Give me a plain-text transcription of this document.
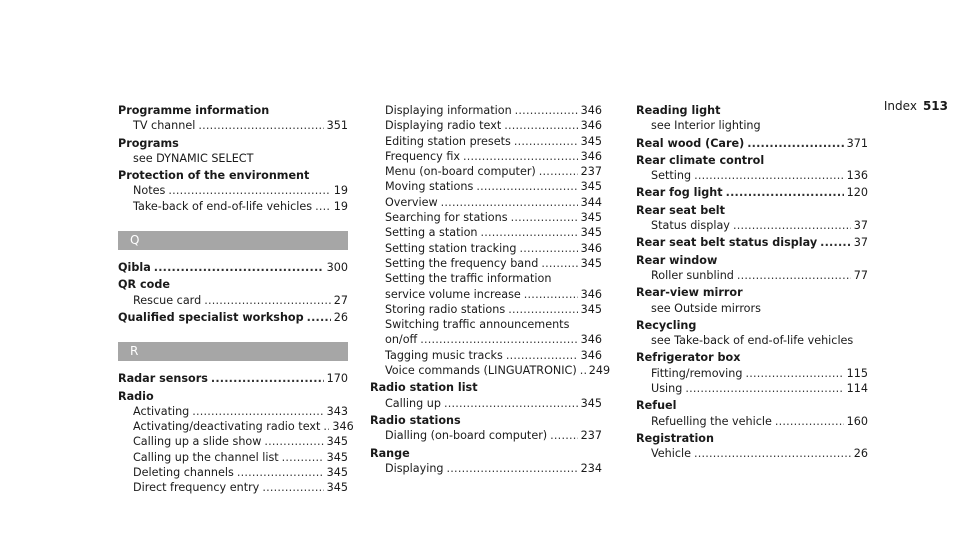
Index 513
Programme information
TV channel .....	351
Programs
see DYNAMIC SELECT
Protection of the environment
Notes .....	19
Take-back of end-of-life vehicles ..... 19
Q
Qibla .....	300
QR code
Rescue card .....	27
Qualified specialist workshop .....	26
R
Radar sensors .....	170
Radio
Activating .....	343
Activating/deactivating radio text ..... 346
Calling up a slide show .....	345
Calling up the channel list .....	345
Deleting channels .....	345
Direct frequency entry .....	345
Displaying information .....	346
Displaying radio text .....	346
Editing station presets .....	345
Frequency fix .....	346
Menu (on-board computer) .....	237
Moving stations .....	345
Overview .....	344
Searching for stations .....	345
Setting a station .....	345
Setting station tracking .....	346
Setting the frequency band .....	345
Setting the traffic information
service volume increase .....	346
Storing radio stations .....	345
Switching traffic announcements
on/off .....	346
Tagging music tracks .....	346
Voice commands (LINGUATRONIC) ..... 249
Radio station list
Calling up .....	345
Radio stations
Dialling (on-board computer) .....	237
Range
Displaying .....	234
Reading light
see Interior lighting
Real wood (Care) .....	371
Rear climate control
Setting .....	136
Rear fog light .....	120
Rear seat belt
Status display .....	37
Rear seat belt status display .....	37
Rear window
Roller sunblind .....	77
Rear-view mirror
see Outside mirrors
Recycling
see Take-back of end-of-life vehicles
Refrigerator box
Fitting/removing .....	115
Using .....	114
Refuel
Refuelling the vehicle .....	160
Registration
Vehicle .....	26
